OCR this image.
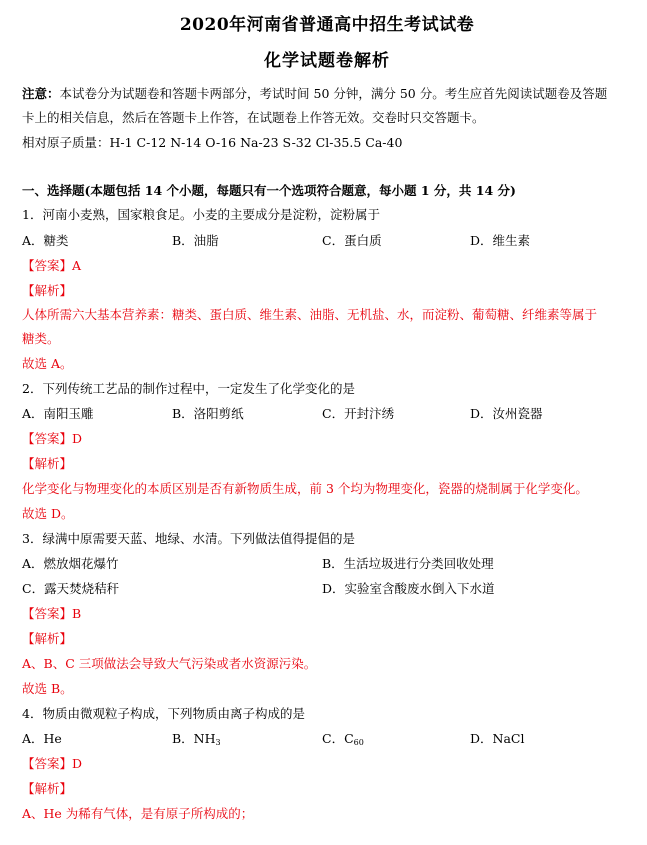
2020年河南省普通高中招生考试试卷
化学试题卷解析
注意：本试卷分为试题卷和答题卡两部分，考试时间 50 分钟，满分 50 分。考生应首先阅读试题卷及答题
卡上的相关信息，然后在答题卡上作答，在试题卷上作答无效。交卷时只交答题卡。
相对原子质量：H-1 C-12 N-14 O-16 Na-23 S-32 Cl-35.5 Ca-40
一、选择题(本题包括 14 个小题，每题只有一个选项符合题意，每小题 1 分，共 14 分)
1．河南小麦熟，国家粮食足。小麦的主要成分是淀粉，淀粉属于
A．糖类	B．油脂	C．蛋白质	D．维生素
【答案】A
【解析】
人体所需六大基本营养素：糖类、蛋白质、维生素、油脂、无机盐、水，而淀粉、葡萄糖、纤维素等属于
糖类。
故选 A。
2．下列传统工艺品的制作过程中，一定发生了化学变化的是
A．南阳玉雕	B．洛阳剪纸	C．开封汴绣	D．汝州瓷器
【答案】D
【解析】
化学变化与物理变化的本质区别是否有新物质生成，前 3 个均为物理变化，瓷器的烧制属于化学变化。
故选 D。
3．绿满中原需要天蓝、地绿、水清。下列做法值得提倡的是
A．燃放烟花爆竹	B．生活垃圾进行分类回收处理
C．露天焚烧秸秆	D．实验室含酸废水倒入下水道
【答案】B
【解析】
A、B、C 三项做法会导致大气污染或者水资源污染。
故选 B。
4．物质由微观粒子构成，下列物质由离子构成的是
A．He	B．$NH_3$	C．$C_{60}$	D．NaCl
【答案】D
【解析】
A、He 为稀有气体，是有原子所构成的；
